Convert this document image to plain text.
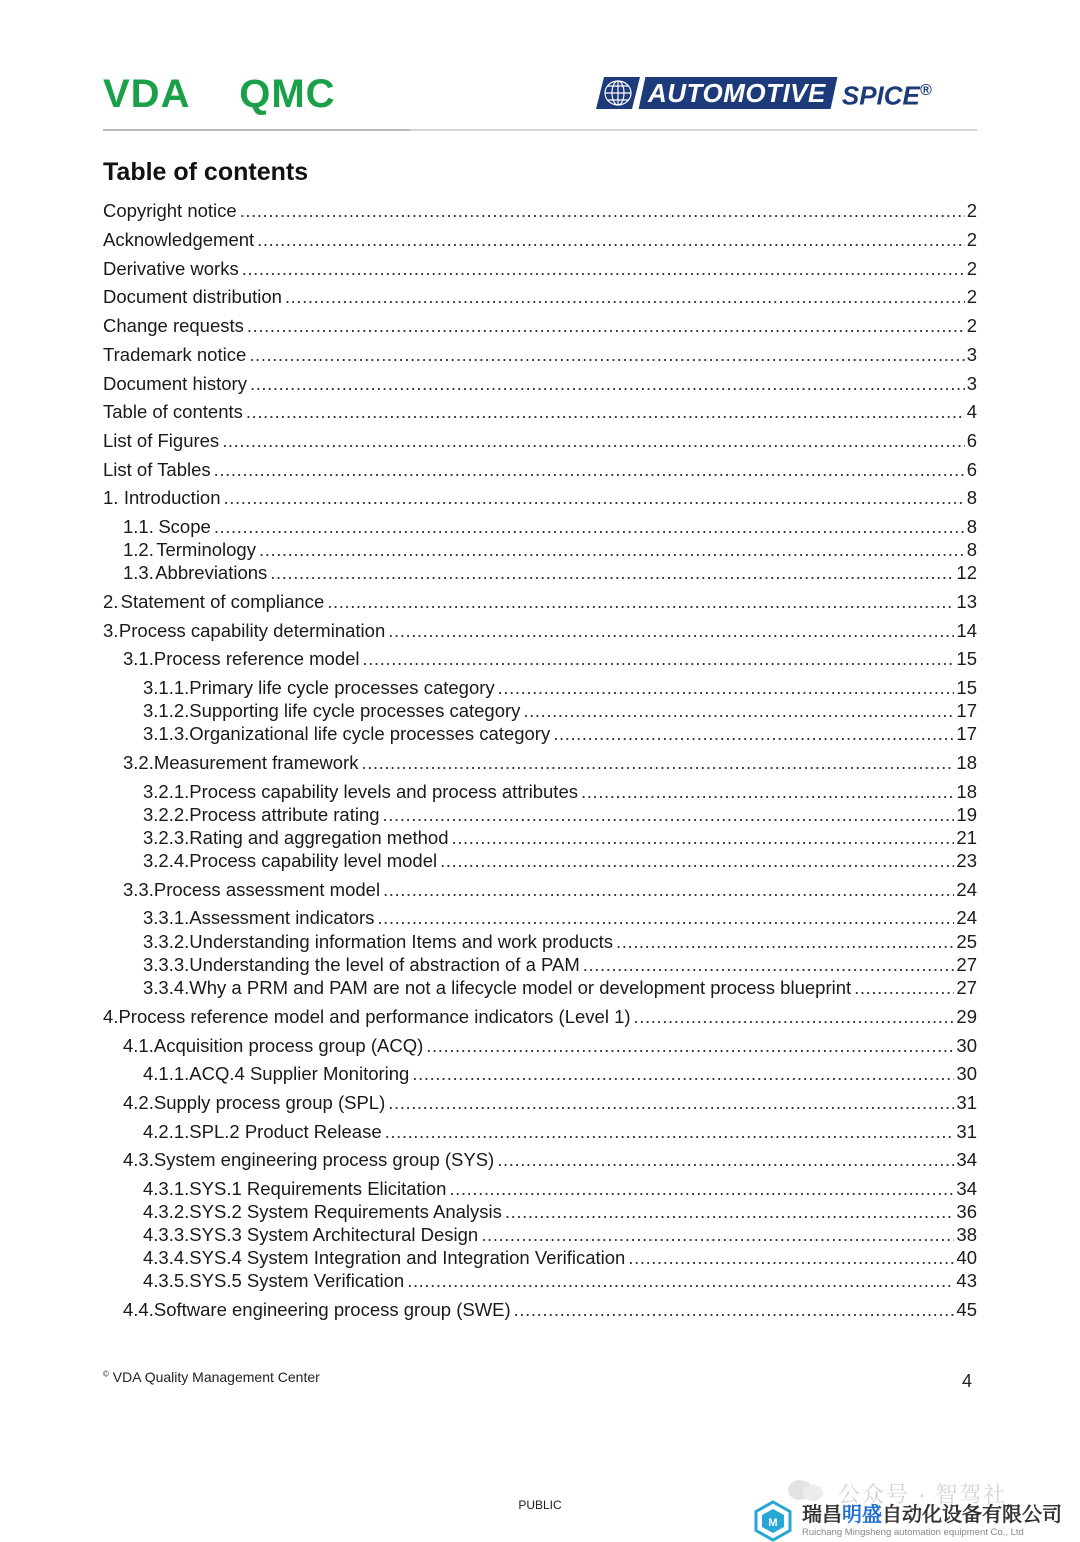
VDA QMC	AUTOMOTIVE SPICE®
Table of contents
Copyright notice .....	2
Acknowledgement .....	2
Derivative works .....	2
Document distribution .....	2
Change requests .....	2
Trademark notice .....	3
Document history .....	3
Table of contents .....	4
List of Figures .....	6
List of Tables .....	6
1. Introduction .....	8
1.1. Scope .....	8
1.2. Terminology .....	8
1.3. Abbreviations .....	12
2. Statement of compliance .....	13
3. Process capability determination .....	14
3.1. Process reference model .....	15
3.1.1. Primary life cycle processes category .....	15
3.1.2. Supporting life cycle processes category .....	17
3.1.3. Organizational life cycle processes category .....	17
3.2. Measurement framework .....	18
3.2.1. Process capability levels and process attributes .....	18
3.2.2. Process attribute rating .....	19
3.2.3. Rating and aggregation method .....	21
3.2.4. Process capability level model .....	23
3.3. Process assessment model .....	24
3.3.1. Assessment indicators .....	24
3.3.2. Understanding information Items and work products .....	25
3.3.3. Understanding the level of abstraction of a PAM .....	27
3.3.4. Why a PRM and PAM are not a lifecycle model or development process blueprint .....	27
4. Process reference model and performance indicators (Level 1) .....	29
4.1. Acquisition process group (ACQ) .....	30
4.1.1. ACQ.4 Supplier Monitoring .....	30
4.2. Supply process group (SPL) .....	31
4.2.1. SPL.2 Product Release .....	31
4.3. System engineering process group (SYS) .....	34
4.3.1. SYS.1 Requirements Elicitation .....	34
4.3.2. SYS.2 System Requirements Analysis .....	36
4.3.3. SYS.3 System Architectural Design .....	38
4.3.4. SYS.4 System Integration and Integration Verification .....	40
4.3.5. SYS.5 System Verification .....	43
4.4. Software engineering process group (SWE) .....	45
© VDA Quality Management Center	4
PUBLIC	公众号 · 智驾社
M 瑞昌明盛自动化设备有限公司
Ruichang Mingsheng automation equipment Co., Ltd
